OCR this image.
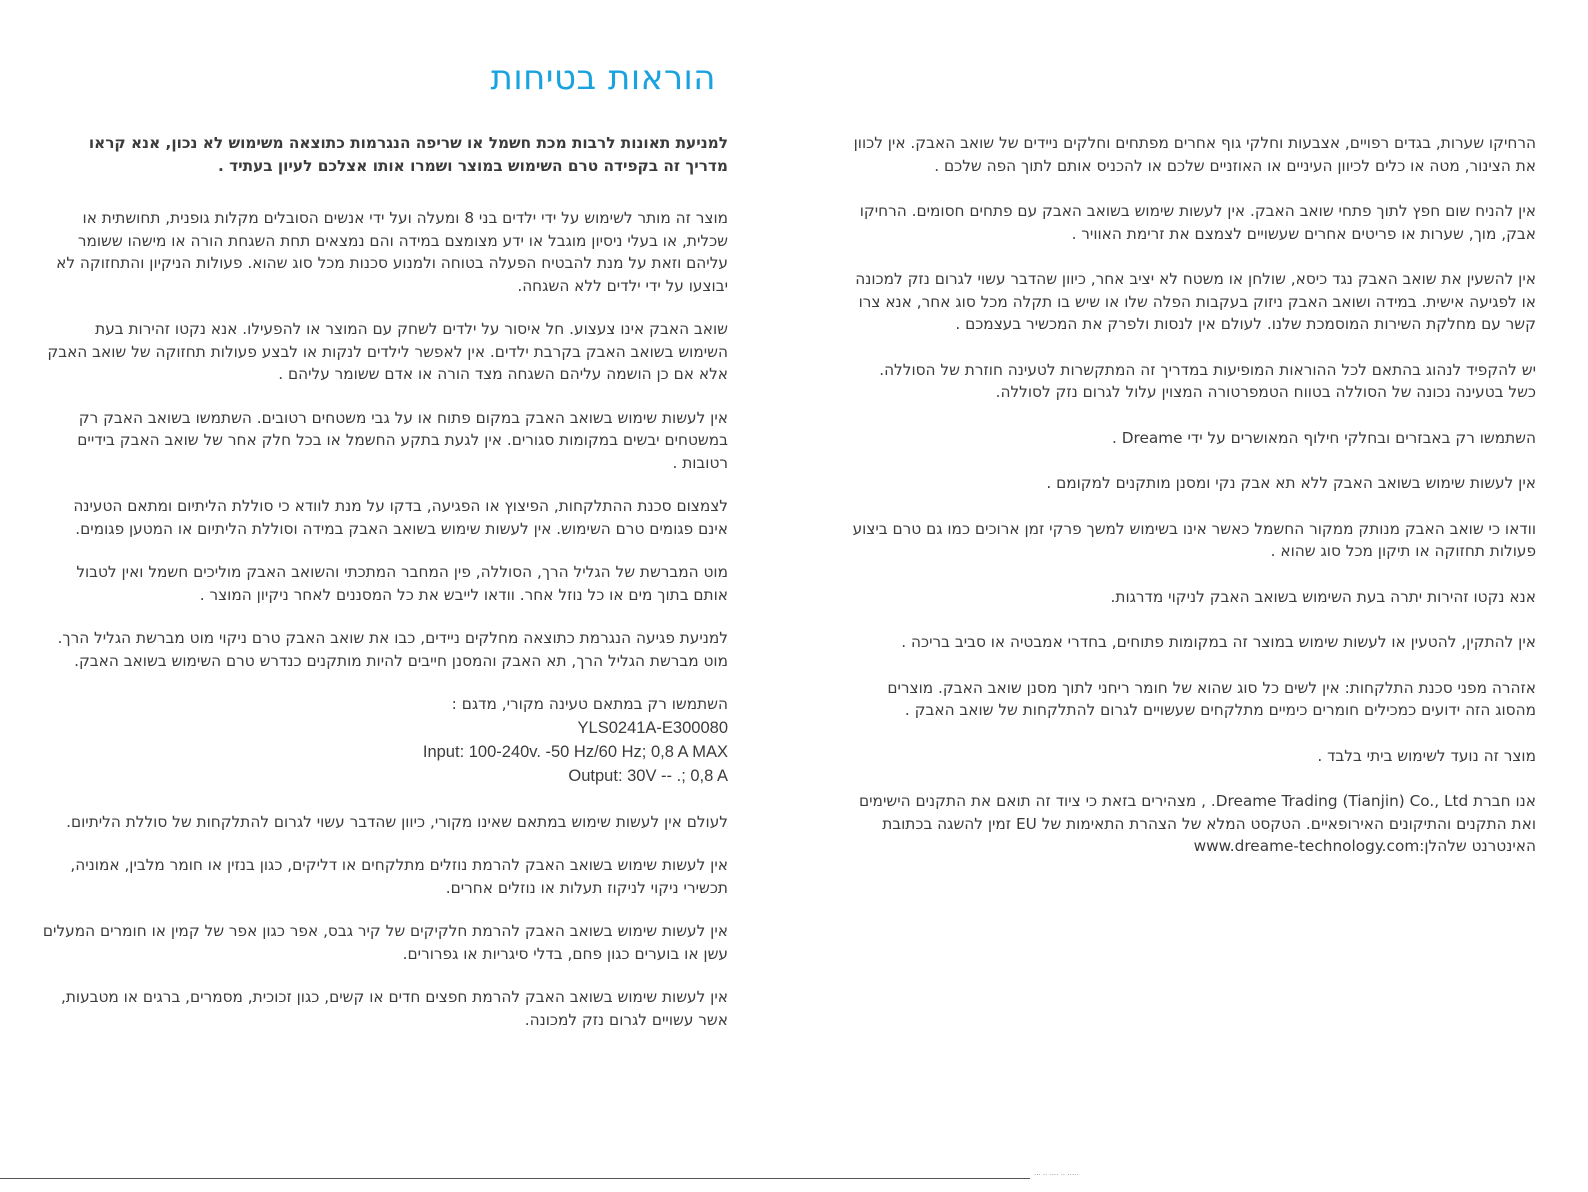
הוראות בטיחות

למניעת תאונות לרבות מכת חשמל או שריפה הנגרמות כתוצאה משימוש לא נכון, אנא קראו מדריך זה בקפידה טרם השימוש במוצר ושמרו אותו אצלכם לעיון בעתיד .

מוצר זה מותר לשימוש על ידי ילדים בני 8 ומעלה ועל ידי אנשים הסובלים מקלות גופנית, תחושתית או שכלית, או בעלי ניסיון מוגבל או ידע מצומצם במידה והם נמצאים תחת השגחת הורה או מישהו ששומר עליהם וזאת על מנת להבטיח הפעלה בטוחה ולמנוע סכנות מכל סוג שהוא. פעולות הניקיון והתחזוקה לא יבוצעו על ידי ילדים ללא השגחה.

שואב האבק אינו צעצוע. חל איסור על ילדים לשחק עם המוצר או להפעילו. אנא נקטו זהירות בעת השימוש בשואב האבק בקרבת ילדים. אין לאפשר לילדים לנקות או לבצע פעולות תחזוקה של שואב האבק אלא אם כן הושמה עליהם השגחה מצד הורה או אדם ששומר עליהם .

אין לעשות שימוש בשואב האבק במקום פתוח או על גבי משטחים רטובים. השתמשו בשואב האבק רק במשטחים יבשים במקומות סגורים. אין לגעת בתקע החשמל או בכל חלק אחר של שואב האבק בידיים רטובות .

לצמצום סכנת ההתלקחות, הפיצוץ או הפגיעה, בדקו על מנת לוודא כי סוללת הליתיום ומתאם הטעינה אינם פגומים טרם השימוש. אין לעשות שימוש בשואב האבק במידה וסוללת הליתיום או המטען פגומים.

מוט המברשת של הגליל הרך, הסוללה, פין המחבר המתכתי והשואב האבק מוליכים חשמל ואין לטבול אותם בתוך מים או כל נוזל אחר. וודאו לייבש את כל המסננים לאחר ניקיון המוצר .

למניעת פגיעה הנגרמת כתוצאה מחלקים ניידים, כבו את שואב האבק טרם ניקוי מוט מברשת הגליל הרך. מוט מברשת הגליל הרך, תא האבק והמסנן חייבים להיות מותקנים כנדרש טרם השימוש בשואב האבק.

השתמשו רק במתאם טעינה מקורי, מדגם :
YLS0241A-E300080
Input: 100-240v. -50 Hz/60 Hz; 0,8 A MAX
Output: 30V -- .; 0,8 A

לעולם אין לעשות שימוש במתאם שאינו מקורי, כיוון שהדבר עשוי לגרום להתלקחות של סוללת הליתיום.

אין לעשות שימוש בשואב האבק להרמת נוזלים מתלקחים או דליקים, כגון בנזין או חומר מלבין, אמוניה, תכשירי ניקוי לניקוז תעלות או נוזלים אחרים.

אין לעשות שימוש בשואב האבק להרמת חלקיקים של קיר גבס, אפר כגון אפר של קמין או חומרים המעלים עשן או בוערים כגון פחם, בדלי סיגריות או גפרורים.

אין לעשות שימוש בשואב האבק להרמת חפצים חדים או קשים, כגון זכוכית, מסמרים, ברגים או מטבעות, אשר עשויים לגרום נזק למכונה.

הרחיקו שערות, בגדים רפויים, אצבעות וחלקי גוף אחרים מפתחים וחלקים ניידים של שואב האבק. אין לכוון את הצינור, מטה או כלים לכיוון העיניים או האוזניים שלכם או להכניס אותם לתוך הפה שלכם .

אין להניח שום חפץ לתוך פתחי שואב האבק. אין לעשות שימוש בשואב האבק עם פתחים חסומים. הרחיקו אבק, מוך, שערות או פריטים אחרים שעשויים לצמצם את זרימת האוויר .

אין להשעין את שואב האבק נגד כיסא, שולחן או משטח לא יציב אחר, כיוון שהדבר עשוי לגרום נזק למכונה או לפגיעה אישית. במידה ושואב האבק ניזוק בעקבות הפלה שלו או שיש בו תקלה מכל סוג אחר, אנא צרו קשר עם מחלקת השירות המוסמכת שלנו. לעולם אין לנסות ולפרק את המכשיר בעצמכם .

יש להקפיד לנהוג בהתאם לכל ההוראות המופיעות במדריך זה המתקשרות לטעינה חוזרת של הסוללה. כשל בטעינה נכונה של הסוללה בטווח הטמפרטורה המצוין עלול לגרום נזק לסוללה.

השתמשו רק באבזרים ובחלקי חילוף המאושרים על ידי Dreame .

אין לעשות שימוש בשואב האבק ללא תא אבק נקי ומסנן מותקנים למקומם .

וודאו כי שואב האבק מנותק ממקור החשמל כאשר אינו בשימוש למשך פרקי זמן ארוכים כמו גם טרם ביצוע פעולות תחזוקה או תיקון מכל סוג שהוא .

אנא נקטו זהירות יתרה בעת השימוש בשואב האבק לניקוי מדרגות.

אין להתקין, להטעין או לעשות שימוש במוצר זה במקומות פתוחים, בחדרי אמבטיה או סביב בריכה .

אזהרה מפני סכנת התלקחות: אין לשים כל סוג שהוא של חומר ריחני לתוך מסנן שואב האבק. מוצרים מהסוג הזה ידועים כמכילים חומרים כימיים מתלקחים שעשויים לגרום להתלקחות של שואב האבק .

מוצר זה נועד לשימוש ביתי בלבד .

אנו חברת Dreame Trading (Tianjin) Co., Ltd. , מצהירים בזאת כי ציוד זה תואם את התקנים הישימים ואת התקנים והתיקונים האירופאיים. הטקסט המלא של הצהרת התאימות של EU זמין להשגה בכתובת האינטרנט שלהלן:www.dreame-technology.com

··· ·· ···· ·· ·····
